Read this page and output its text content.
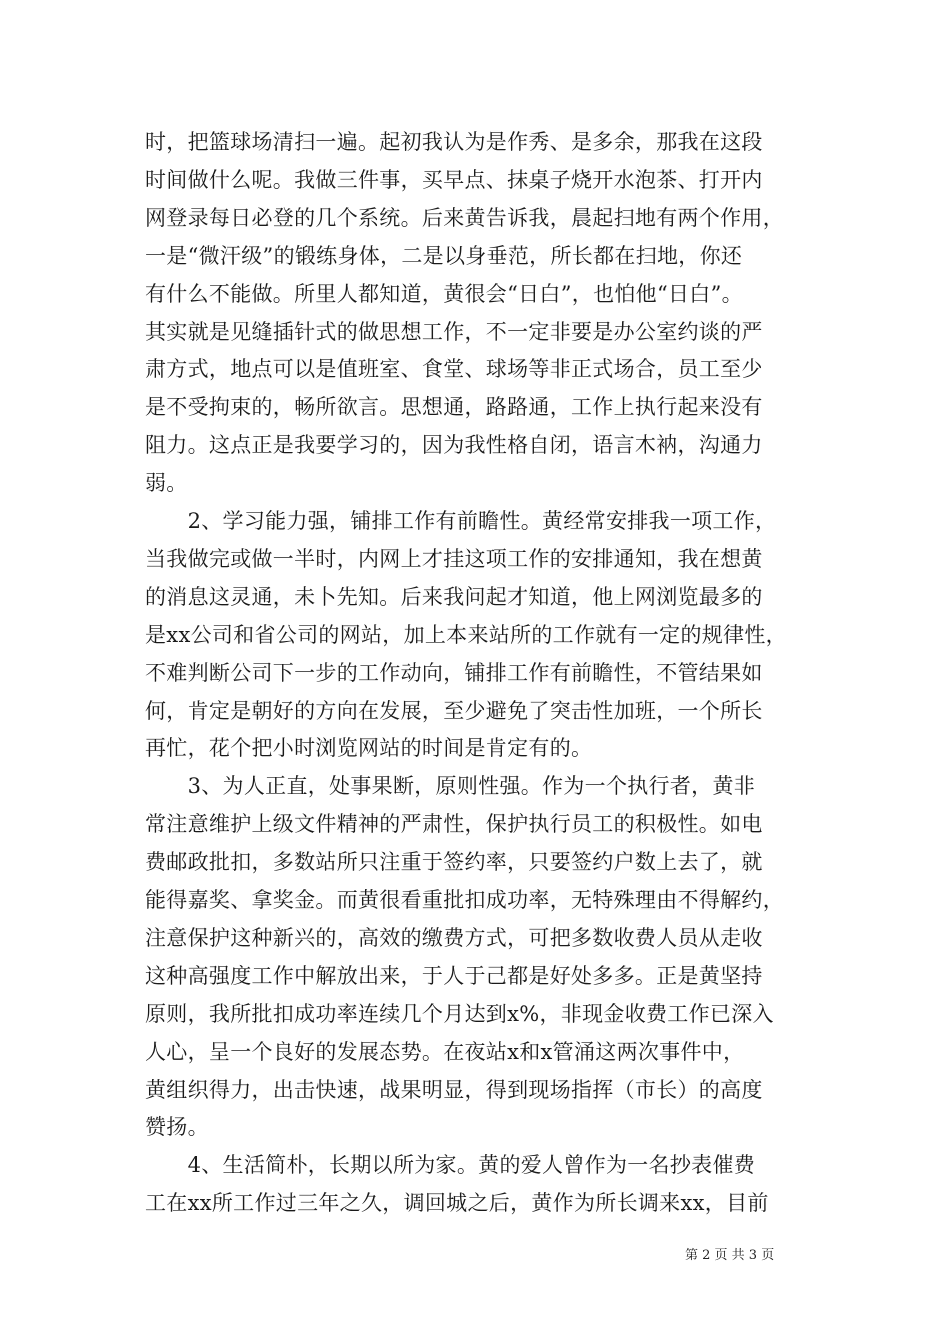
时，把篮球场清扫一遍。起初我认为是作秀、是多余，那我在这段
时间做什么呢。我做三件事，买早点、抹桌子烧开水泡茶、打开内
网登录每日必登的几个系统。后来黄告诉我，晨起扫地有两个作用，
一是“微汗级”的锻练身体，二是以身垂范，所长都在扫地，你还
有什么不能做。所里人都知道，黄很会“日白”，也怕他“日白”。
其实就是见缝插针式的做思想工作，不一定非要是办公室约谈的严
肃方式，地点可以是值班室、食堂、球场等非正式场合，员工至少
是不受拘束的，畅所欲言。思想通，路路通，工作上执行起来没有
阻力。这点正是我要学习的，因为我性格自闭，语言木衲，沟通力
弱。
　　2、学习能力强，铺排工作有前瞻性。黄经常安排我一项工作，
当我做完或做一半时，内网上才挂这项工作的安排通知，我在想黄
的消息这灵通，未卜先知。后来我问起才知道，他上网浏览最多的
是xx公司和省公司的网站，加上本来站所的工作就有一定的规律性，
不难判断公司下一步的工作动向，铺排工作有前瞻性，不管结果如
何，肯定是朝好的方向在发展，至少避免了突击性加班，一个所长
再忙，花个把小时浏览网站的时间是肯定有的。
　　3、为人正直，处事果断，原则性强。作为一个执行者，黄非
常注意维护上级文件精神的严肃性，保护执行员工的积极性。如电
费邮政批扣，多数站所只注重于签约率，只要签约户数上去了，就
能得嘉奖、拿奖金。而黄很看重批扣成功率，无特殊理由不得解约，
注意保护这种新兴的，高效的缴费方式，可把多数收费人员从走收
这种高强度工作中解放出来，于人于己都是好处多多。正是黄坚持
原则，我所批扣成功率连续几个月达到x%，非现金收费工作已深入
人心，呈一个良好的发展态势。在夜站x和x管涌这两次事件中，
黄组织得力，出击快速，战果明显，得到现场指挥（市长）的高度
赞扬。
　　4、生活简朴，长期以所为家。黄的爱人曾作为一名抄表催费
工在xx所工作过三年之久，调回城之后，黄作为所长调来xx，目前
第 2 页 共 3 页
